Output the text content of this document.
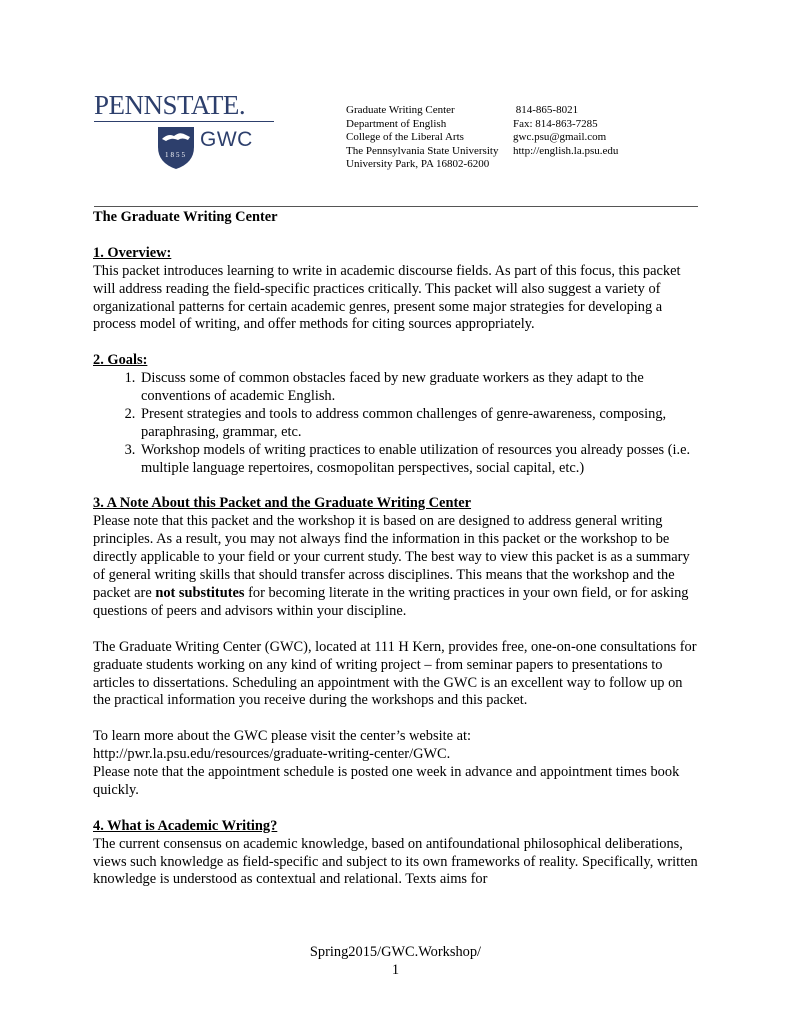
PENNSTATE.
1855
GWC
Graduate Writing Center
Department of English
College of the Liberal Arts
The Pennsylvania State University
University Park, PA 16802-6200
814-865-8021
Fax: 814-863-7285
gwc.psu@gmail.com
http://english.la.psu.edu
The Graduate Writing Center
1. Overview:

This packet introduces learning to write in academic discourse fields. As part of this focus, this packet will address reading the field-specific practices critically. This packet will also suggest a variety of organizational patterns for certain academic genres, present some major strategies for developing a process model of writing, and offer methods for citing sources appropriately.

2. Goals:
1. Discuss some of common obstacles faced by new graduate workers as they adapt to the conventions of academic English.
2. Present strategies and tools to address common challenges of genre-awareness, composing, paraphrasing, grammar, etc.
3. Workshop models of writing practices to enable utilization of resources you already posses (i.e. multiple language repertoires, cosmopolitan perspectives, social capital, etc.)
3. A Note About this Packet and the Graduate Writing Center

Please note that this packet and the workshop it is based on are designed to address general writing principles. As a result, you may not always find the information in this packet or the workshop to be directly applicable to your field or your current study. The best way to view this packet is as a summary of general writing skills that should transfer across disciplines. This means that the workshop and the packet are not substitutes for becoming literate in the writing practices in your own field, or for asking questions of peers and advisors within your discipline.

The Graduate Writing Center (GWC), located at 111 H Kern, provides free, one-on-one consultations for graduate students working on any kind of writing project – from seminar papers to presentations to articles to dissertations. Scheduling an appointment with the GWC is an excellent way to follow up on the practical information you receive during the workshops and this packet.

To learn more about the GWC please visit the center’s website at:
http://pwr.la.psu.edu/resources/graduate-writing-center/GWC.
Please note that the appointment schedule is posted one week in advance and appointment times book quickly.

4. What is Academic Writing?

The current consensus on academic knowledge, based on antifoundational philosophical deliberations, views such knowledge as field-specific and subject to its own frameworks of reality. Specifically, written knowledge is understood as contextual and relational. Texts aims for

Spring2015/GWC.Workshop/
1
